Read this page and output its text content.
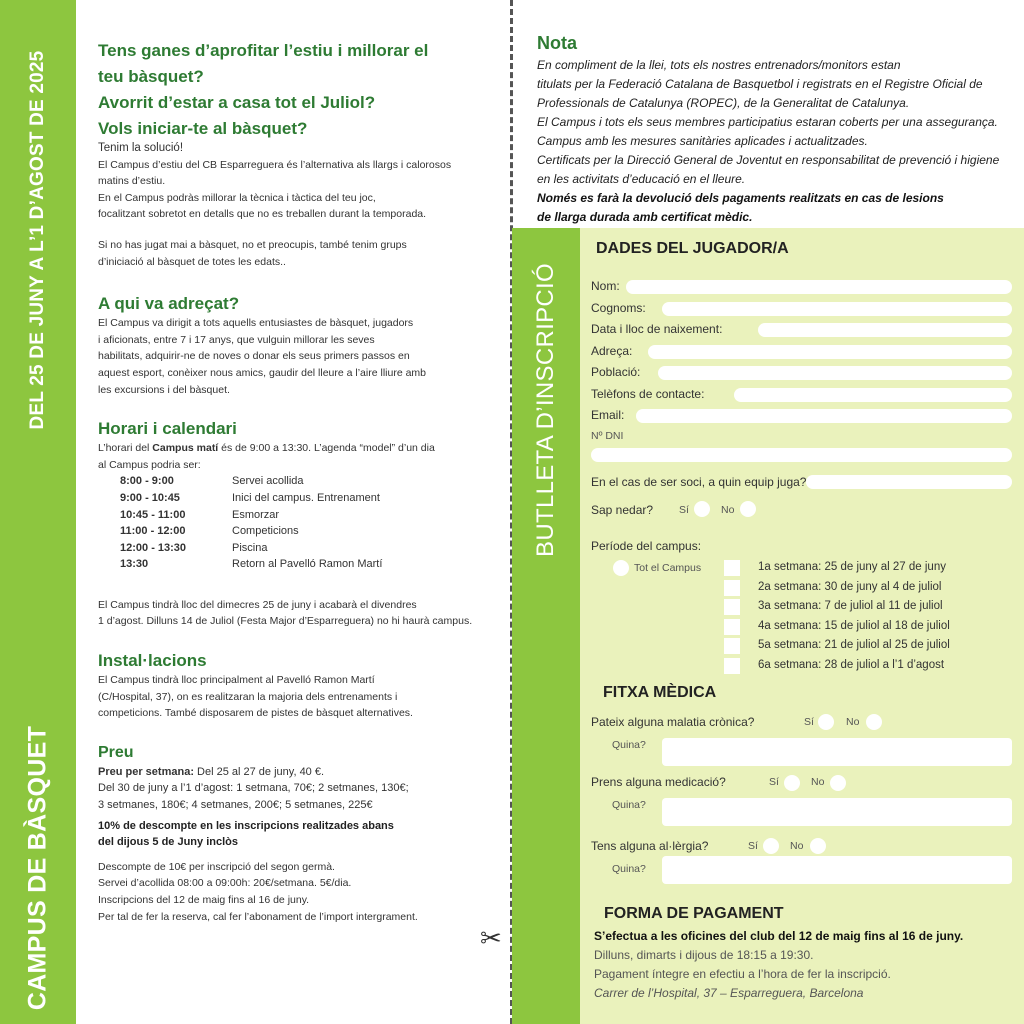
DEL 25 DE JUNY A L’1 D’AGOST DE 2025
CAMPUS DE BÀSQUET	✂
Tens ganes d’aprofitar l’estiu i millorar el
teu bàsquet?
Avorrit d’estar a casa tot el Juliol?
Vols iniciar-te al bàsquet?
Tenim la solució!
El Campus d’estiu del CB Esparreguera és l’alternativa als llargs i calorosos
matins d’estiu.
En el Campus podràs millorar la tècnica i tàctica del teu joc,
focalitzant sobretot en detalls que no es treballen durant la temporada.
Si no has jugat mai a bàsquet, no et preocupis, també tenim grups
d’iniciació al bàsquet de totes les edats..
A qui va adreçat?
El Campus va dirigit a tots aquells entusiastes de bàsquet, jugadors
i aficionats, entre 7 i 17 anys, que vulguin millorar les seves
habilitats, adquirir-ne de noves o donar els seus primers passos en
aquest esport, conèixer nous amics, gaudir del lleure a l’aire lliure amb
les excursions i del bàsquet.
Horari i calendari
L’horari del Campus matí és de 9:00 a 13:30. L’agenda “model” d’un dia
al Campus podria ser:
8:00 - 9:00	Servei acollida
9:00 - 10:45	Inici del campus. Entrenament
10:45 - 11:00	Esmorzar
11:00 - 12:00	Competicions
12:00 - 13:30	Piscina
13:30	Retorn al Pavelló Ramon Martí
El Campus tindrà lloc del dimecres 25 de juny i acabarà el divendres
1 d’agost. Dilluns 14 de Juliol (Festa Major d’Esparreguera) no hi haurà campus.
Instal·lacions
El Campus tindrà lloc principalment al Pavelló Ramon Martí
(C/Hospital, 37), on es realitzaran la majoria dels entrenaments i
competicions. També disposarem de pistes de bàsquet alternatives.
Preu
Preu per setmana: Del 25 al 27 de juny, 40 €.
Del 30 de juny a l’1 d’agost: 1 setmana, 70€; 2 setmanes, 130€;
3 setmanes, 180€; 4 setmanes, 200€; 5 setmanes, 225€
10% de descompte en les inscripcions realitzades abans
del dijous 5 de Juny inclòs
Descompte de 10€ per inscripció del segon germà.
Servei d’acollida 08:00 a 09:00h: 20€/setmana. 5€/dia.
Inscripcions del 12 de maig fins al 16 de juny.
Per tal de fer la reserva, cal fer l’abonament de l’import intergrament.
Nota
En compliment de la llei, tots els nostres entrenadors/monitors estan
titulats per la Federació Catalana de Basquetbol i registrats en el Registre Oficial de
Professionals de Catalunya (ROPEC), de la Generalitat de Catalunya.
El Campus i tots els seus membres participatius estaran coberts per una assegurança.
Campus amb les mesures sanitàries aplicades i actualitzades.
Certificats per la Direcció General de Joventut en responsabilitat de prevenció i higiene
en les activitats d’educació en el lleure.
Només es farà la devolució dels pagaments realitzats en cas de lesions
de llarga durada amb certificat mèdic.
BUTLLETA D’INSCRIPCIÓ
DADES DEL JUGADOR/A
Nom:
Cognoms:
Data i lloc de naixement:
Adreça:
Població:
Telèfons de contacte:
Email:
Nº DNI
En el cas de ser soci, a quin equip juga?
Sap nedar? Sí	No
Període del campus:
Tot el Campus	1a setmana: 25 de juny al 27 de juny
2a setmana: 30 de juny al 4 de juliol
3a setmana: 7 de juliol al 11 de juliol
4a setmana: 15 de juliol al 18 de juliol
5a setmana: 21 de juliol al 25 de juliol
6a setmana: 28 de juliol a l’1 d’agost
FITXA MÈDICA
Pateix alguna malatia crònica?	Sí	No
Quina?
Prens alguna medicació?	Sí	No
Quina?
Tens alguna al·lèrgia?	Sí	No
Quina?
FORMA DE PAGAMENT
S’efectua a les oficines del club del 12 de maig fins al 16 de juny.
Dilluns, dimarts i dijous de 18:15 a 19:30.
Pagament íntegre en efectiu a l’hora de fer la inscripció.
Carrer de l’Hospital, 37 – Esparreguera, Barcelona
